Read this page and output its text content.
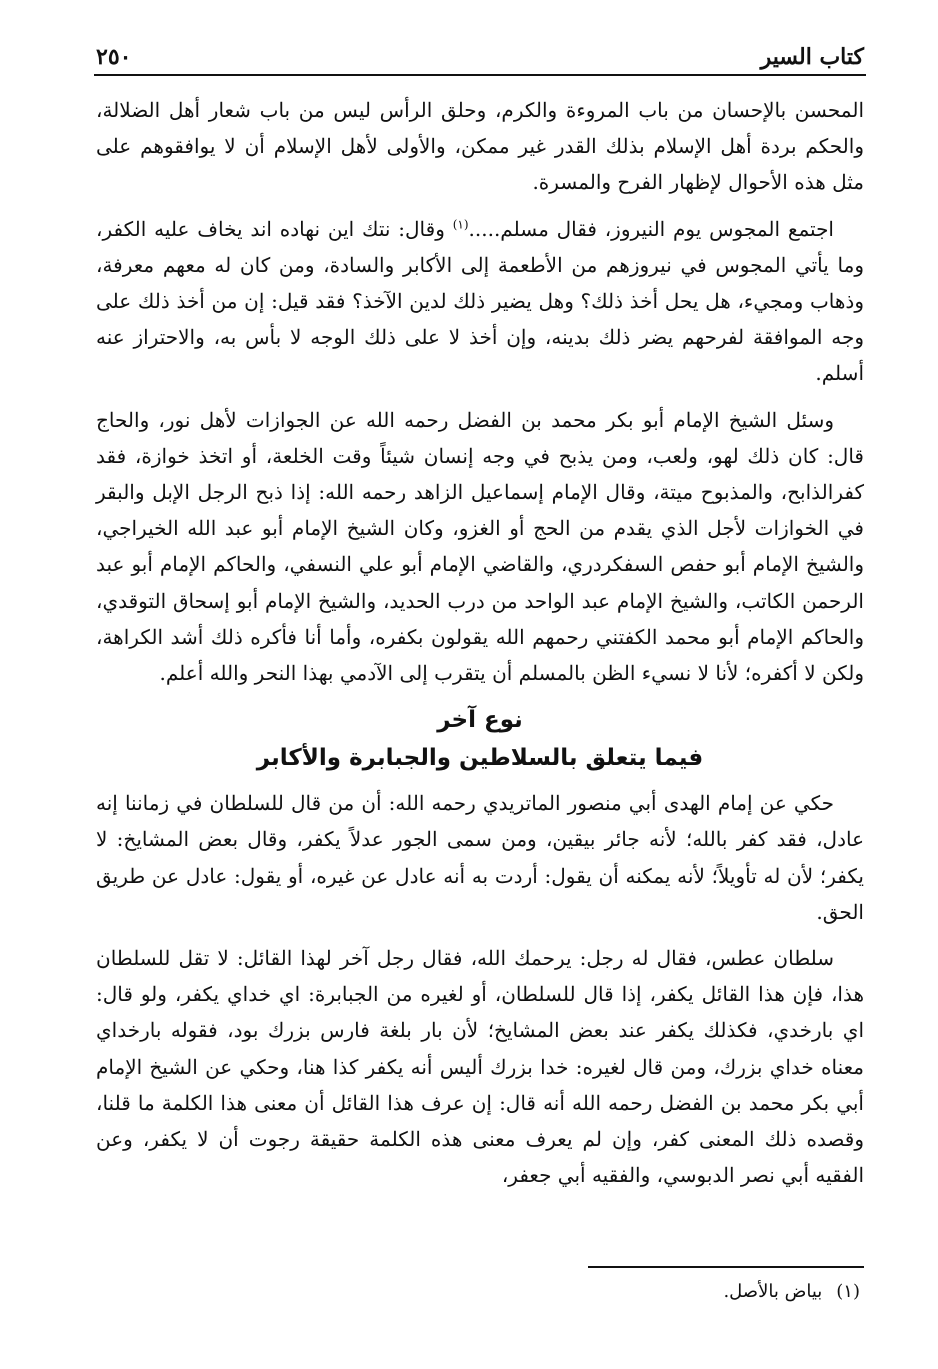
كتاب السير
٢٥٠

المحسن بالإحسان من باب المروءة والكرم، وحلق الرأس ليس من باب شعار أهل الضلالة، والحكم بردة أهل الإسلام بذلك القدر غير ممكن، والأولى لأهل الإسلام أن لا يوافقوهم على مثل هذه الأحوال لإظهار الفرح والمسرة.

اجتمع المجوس يوم النيروز، فقال مسلم.....$^{(١)}$ وقال: نتك اين نهاده اند يخاف عليه الكفر، وما يأتي المجوس في نيروزهم من الأطعمة إلى الأكابر والسادة، ومن كان له معهم معرفة، وذهاب ومجيء، هل يحل أخذ ذلك؟ وهل يضير ذلك لدين الآخذ؟ فقد قيل: إن من أخذ ذلك على وجه الموافقة لفرحهم يضر ذلك بدينه، وإن أخذ لا على ذلك الوجه لا بأس به، والاحتراز عنه أسلم.

وسئل الشيخ الإمام أبو بكر محمد بن الفضل رحمه الله عن الجوازات لأهل نور، والحاج قال: كان ذلك لهو، ولعب، ومن يذبح في وجه إنسان شيئاً وقت الخلعة، أو اتخذ خوازة، فقد كفرالذابح، والمذبوح ميتة، وقال الإمام إسماعيل الزاهد رحمه الله: إذا ذبح الرجل الإبل والبقر في الخوازات لأجل الذي يقدم من الحج أو الغزو، وكان الشيخ الإمام أبو عبد الله الخيراجي، والشيخ الإمام أبو حفص السفكردري، والقاضي الإمام أبو علي النسفي، والحاكم الإمام أبو عبد الرحمن الكاتب، والشيخ الإمام عبد الواحد من درب الحديد، والشيخ الإمام أبو إسحاق التوقدي، والحاكم الإمام أبو محمد الكفتني رحمهم الله يقولون بكفره، وأما أنا فأكره ذلك أشد الكراهة، ولكن لا أكفره؛ لأنا لا نسيء الظن بالمسلم أن يتقرب إلى الآدمي بهذا النحر والله أعلم.

نوع آخر
فيما يتعلق بالسلاطين والجبابرة والأكابر

حكي عن إمام الهدى أبي منصور الماتريدي رحمه الله: أن من قال للسلطان في زماننا إنه عادل، فقد كفر بالله؛ لأنه جائر بيقين، ومن سمى الجور عدلاً يكفر، وقال بعض المشايخ: لا يكفر؛ لأن له تأويلاً؛ لأنه يمكنه أن يقول: أردت به أنه عادل عن غيره، أو يقول: عادل عن طريق الحق.

سلطان عطس، فقال له رجل: يرحمك الله، فقال رجل آخر لهذا القائل: لا تقل للسلطان هذا، فإن هذا القائل يكفر، إذا قال للسلطان، أو لغيره من الجبابرة: اي خداي يكفر، ولو قال: اي بارخدي، فكذلك يكفر عند بعض المشايخ؛ لأن بار بلغة فارس بزرك بود، فقوله بارخداي معناه خداي بزرك، ومن قال لغيره: خدا بزرك أليس أنه يكفر كذا هنا، وحكي عن الشيخ الإمام أبي بكر محمد بن الفضل رحمه الله أنه قال: إن عرف هذا القائل أن معنى هذا الكلمة ما قلنا، وقصده ذلك المعنى كفر، وإن لم يعرف معنى هذه الكلمة حقيقة رجوت أن لا يكفر، وعن الفقيه أبي نصر الدبوسي، والفقيه أبي جعفر،

(١)بياض بالأصل.
